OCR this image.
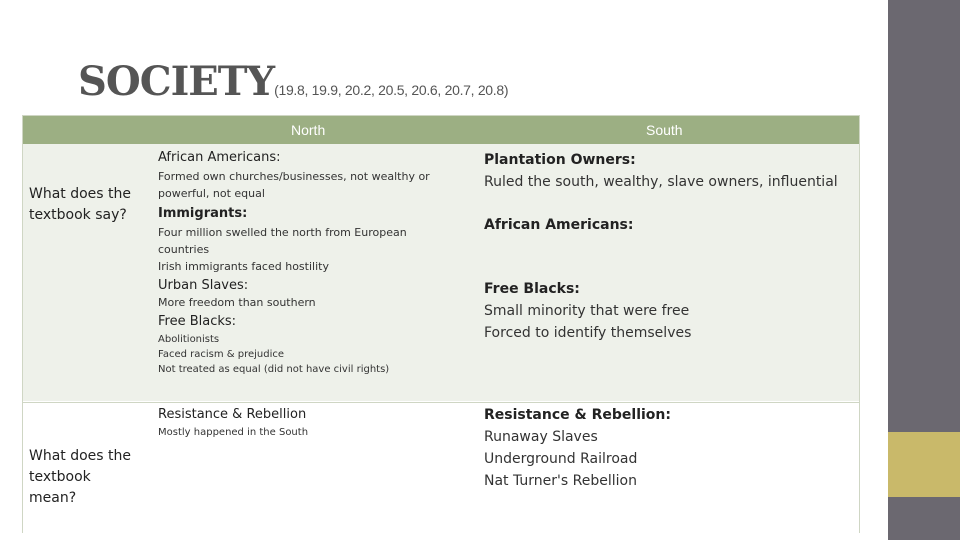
SOCIETY(19.8, 19.9, 20.2, 20.5, 20.6, 20.7, 20.8)
North	South
What does the
textbook say?
African Americans:
Formed own churches/businesses, not wealthy or
powerful, not equal
Immigrants:
Four million swelled the north from European
countries
Irish immigrants faced hostility
Urban Slaves:
More freedom than southern
Free Blacks:
Abolitionists
Faced racism & prejudice
Not treated as equal (did not have civil rights)
Plantation Owners:
Ruled the south, wealthy, slave owners, influential
African Americans:
Free Blacks:
Small minority that were free
Forced to identify themselves
What does the
textbook
mean?
Resistance & Rebellion
Mostly happened in the South
Resistance & Rebellion:
Runaway Slaves
Underground Railroad
Nat Turner's Rebellion
